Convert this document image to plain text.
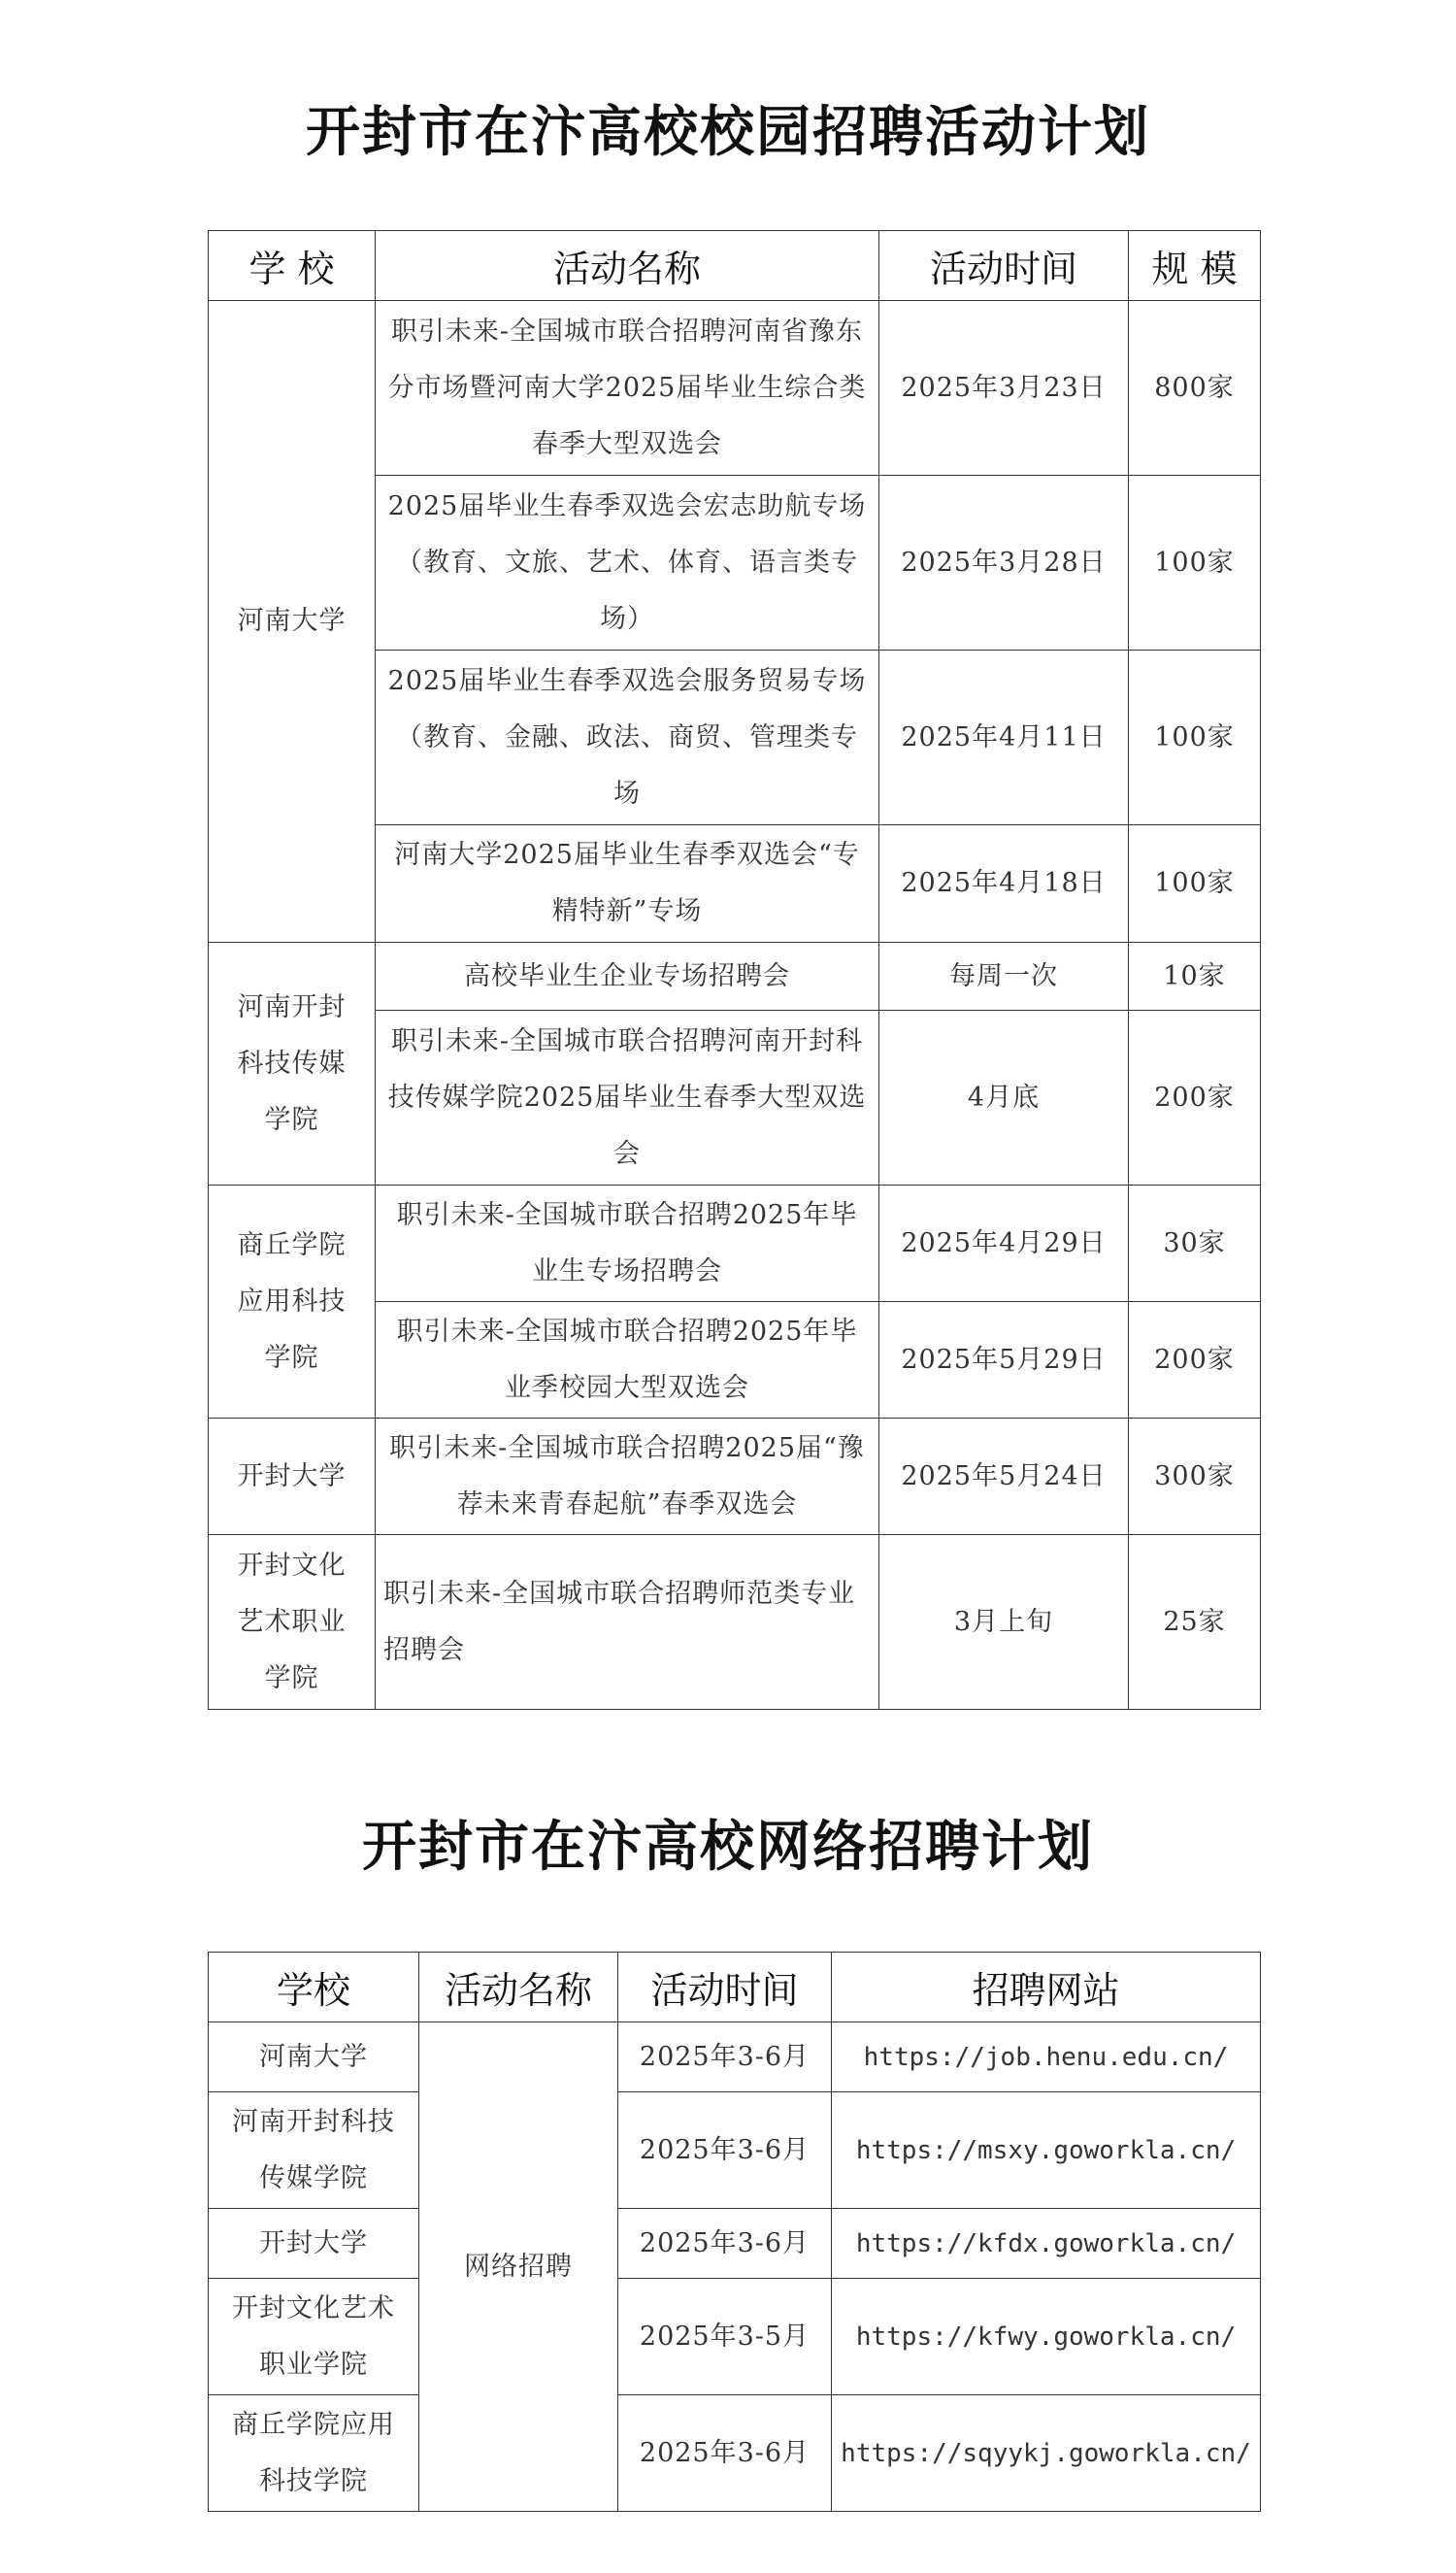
开封市在汴高校校园招聘活动计划
学 校	活动名称	活动时间	规 模
河南大学	职引未来-全国城市联合招聘河南省豫东分市场暨河南大学2025届毕业生综合类春季大型双选会	2025年3月23日	800家
	2025届毕业生春季双选会宏志助航专场（教育、文旅、艺术、体育、语言类专场）	2025年3月28日	100家
	2025届毕业生春季双选会服务贸易专场（教育、金融、政法、商贸、管理类专场	2025年4月11日	100家
	河南大学2025届毕业生春季双选会“专精特新”专场	2025年4月18日	100家
河南开封科技传媒学院	高校毕业生企业专场招聘会	每周一次	10家
	职引未来-全国城市联合招聘河南开封科技传媒学院2025届毕业生春季大型双选会	4月底	200家
商丘学院应用科技学院	职引未来-全国城市联合招聘2025年毕业生专场招聘会	2025年4月29日	30家
	职引未来-全国城市联合招聘2025年毕业季校园大型双选会	2025年5月29日	200家
开封大学	职引未来-全国城市联合招聘2025届“豫荐未来青春起航”春季双选会	2025年5月24日	300家
开封文化艺术职业学院	职引未来-全国城市联合招聘师范类专业招聘会	3月上旬	25家
开封市在汴高校网络招聘计划
学校	活动名称	活动时间	招聘网站
河南大学	网络招聘	2025年3-6月	https://job.henu.edu.cn/
河南开封科技传媒学院		2025年3-6月	https://msxy.goworkla.cn/
开封大学		2025年3-6月	https://kfdx.goworkla.cn/
开封文化艺术职业学院		2025年3-5月	https://kfwy.goworkla.cn/
商丘学院应用科技学院		2025年3-6月	https://sqyykj.goworkla.cn/
